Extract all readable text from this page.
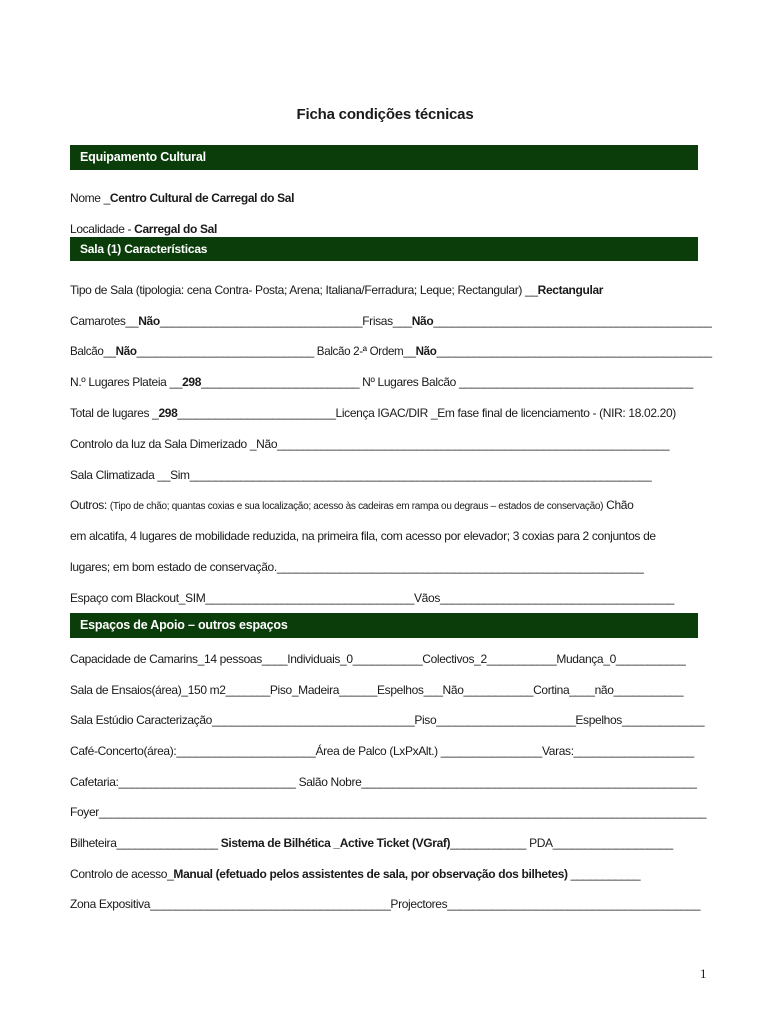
Ficha condições técnicas
Equipamento Cultural
Nome _Centro Cultural de Carregal do Sal
Localidade - Carregal do Sal
Sala (1) Características
Tipo de Sala (tipologia: cena Contra- Posta; Arena; Italiana/Ferradura; Leque; Rectangular) __Rectangular
Camarotes__Não________________________________Frisas___Não____________________________________________
Balcão__Não_____________________________ Balcão 2-ª Ordem__Não_____________________________________________
N.º Lugares Plateia __298_________________________ Nº Lugares Balcão _____________________________________
Total de lugares _298_________________________Licença IGAC/DIR _Em fase final de licenciamento - (NIR: 18.02.20)
Controlo da luz da Sala Dimerizado _Não______________________________________________________________
Sala Climatizada __Sim_________________________________________________________________________
Outros: (Tipo de chão; quantas coxias e sua localização; acesso às cadeiras em rampa ou degraus – estados de conservação) Chão
em alcatifa, 4 lugares de mobilidade reduzida, na primeira fila, com acesso por elevador; 3 coxias para 2 conjuntos de
lugares; em bom estado de conservação.__________________________________________________________
Espaço com Blackout_SIM_________________________________Vãos_____________________________________
Espaços de Apoio – outros espaços
Capacidade de Camarins_14 pessoas____Individuais_0___________Colectivos_2___________Mudança_0___________
Sala de Ensaios(área)_150 m2_______Piso_Madeira______Espelhos___Não___________Cortina____não___________
Sala Estúdio Caracterização________________________________Piso______________________Espelhos_____________
Café-Concerto(área):______________________Área de Palco (LxPxAlt.) ________________Varas:___________________
Cafetaria:____________________________ Salão Nobre_____________________________________________________
Foyer________________________________________________________________________________________________
Bilheteira________________ Sistema de Bilhética _Active Ticket (VGraf)____________ PDA___________________
Controlo de acesso_Manual (efetuado pelos assistentes de sala, por observação dos bilhetes) ___________
Zona Expositiva______________________________________Projectores________________________________________
1
